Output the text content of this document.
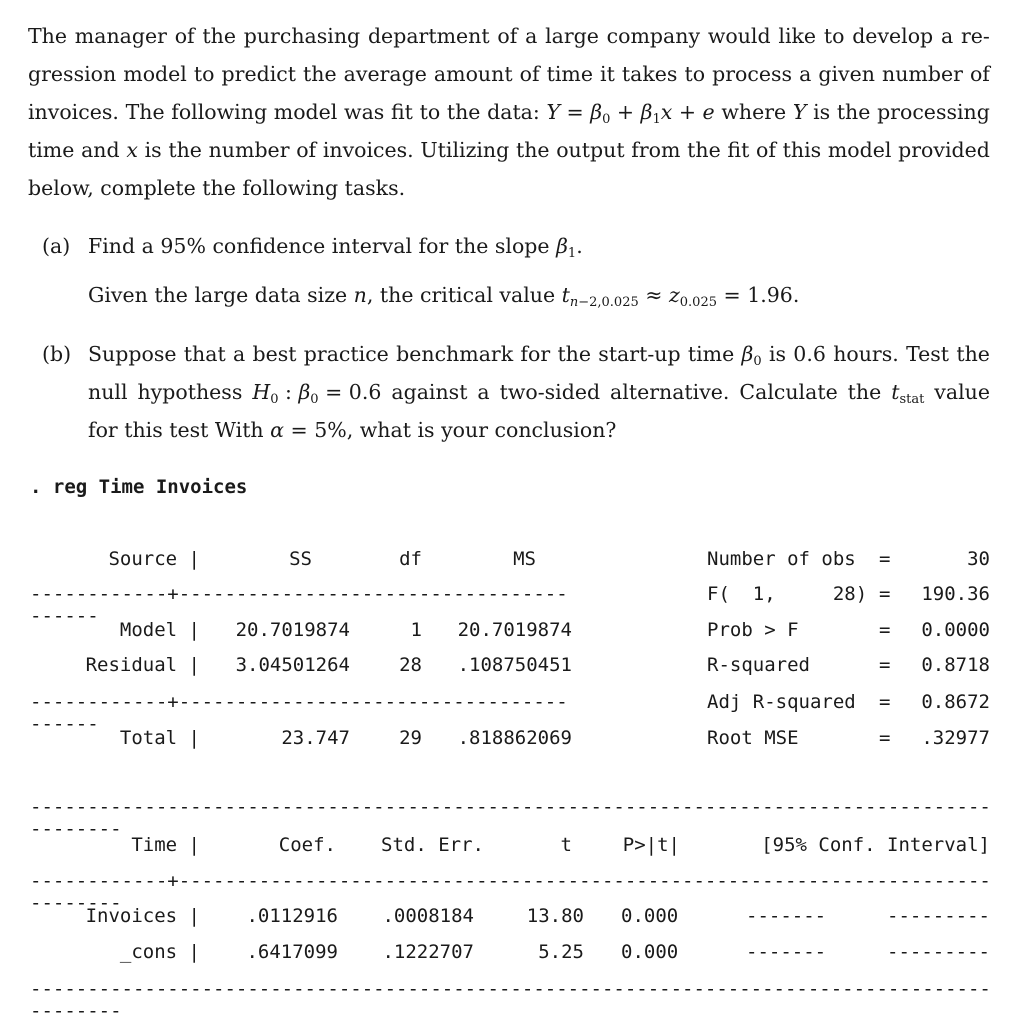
The manager of the purchasing department of a large company would like to develop a re-
gression model to predict the average amount of time it takes to process a given number of
invoices. The following model was fit to the data: $Y = \beta_0 + \beta_1x + e$ where Y is the processing
time and x is the number of invoices. Utilizing the output from the fit of this model provided
below, complete the following tasks.
(a) Find a 95% confidence interval for the slope $\beta_1$.
Given the large data size n, the critical value $t_{n-2,0.025} \approx z_{0.025} = 1.96$.
(b) Suppose that a best practice benchmark for the start-up time $\beta_0$ is 0.6 hours. Test the
null hypothess $H_0$ : $\beta_0 = 0.6$ against a two-sided alternative. Calculate the $t_{stat}$ value
for this test With α = 5%, what is your conclusion?
. reg Time Invoices
Source |	SS	df	MS
------------+----------------------------------------
Model |	20.7019874	1	20.7019874
Residual |	3.04501264	28	.108750451
------------+----------------------------------------
Total |	23.747	29	.818862069
Number of obs =	30
F(  1,     28) =	190.36
Prob > F	=	0.0000
R-squared	=	0.8718
Adj R-squared =	0.8672
Root MSE	=	.32977
--------------------------------------------------------------------------------------------
Time |	Coef.	Std. Err.	t	P>|t|	[95% Conf. Interval]
------------+-------------------------------------------------------------------------------
Invoices |	.0112916	.0008184	13.80 0.000	-------	---------
_cons |	.6417099	.1222707	5.25 0.000	-------	---------
--------------------------------------------------------------------------------------------
